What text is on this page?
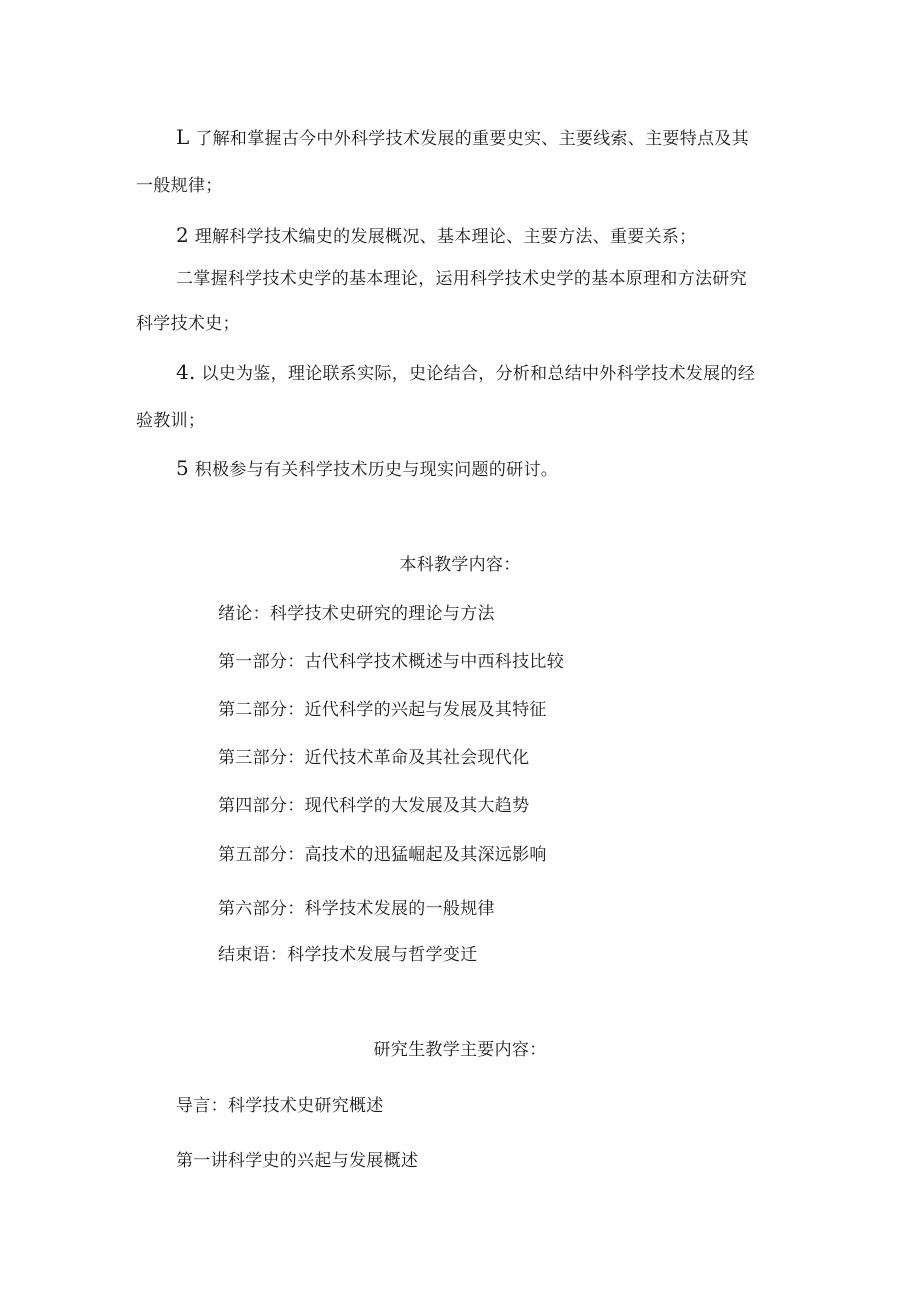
L 了解和掌握古今中外科学技术发展的重要史实、主要线索、主要特点及其
一般规律；
2 理解科学技术编史的发展概况、基本理论、主要方法、重要关系；
二掌握科学技术史学的基本理论，运用科学技术史学的基本原理和方法研究
科学技术史；
4. 以史为鉴，理论联系实际，史论结合，分析和总结中外科学技术发展的经
验教训；
5 积极参与有关科学技术历史与现实问题的研讨。
本科教学内容：
绪论：科学技术史研究的理论与方法
第一部分：古代科学技术概述与中西科技比较
第二部分：近代科学的兴起与发展及其特征
第三部分：近代技术革命及其社会现代化
第四部分：现代科学的大发展及其大趋势
第五部分：高技术的迅猛崛起及其深远影响
第六部分：科学技术发展的一般规律
结束语：科学技术发展与哲学变迁
研究生教学主要内容：
导言：科学技术史研究概述
第一讲科学史的兴起与发展概述
